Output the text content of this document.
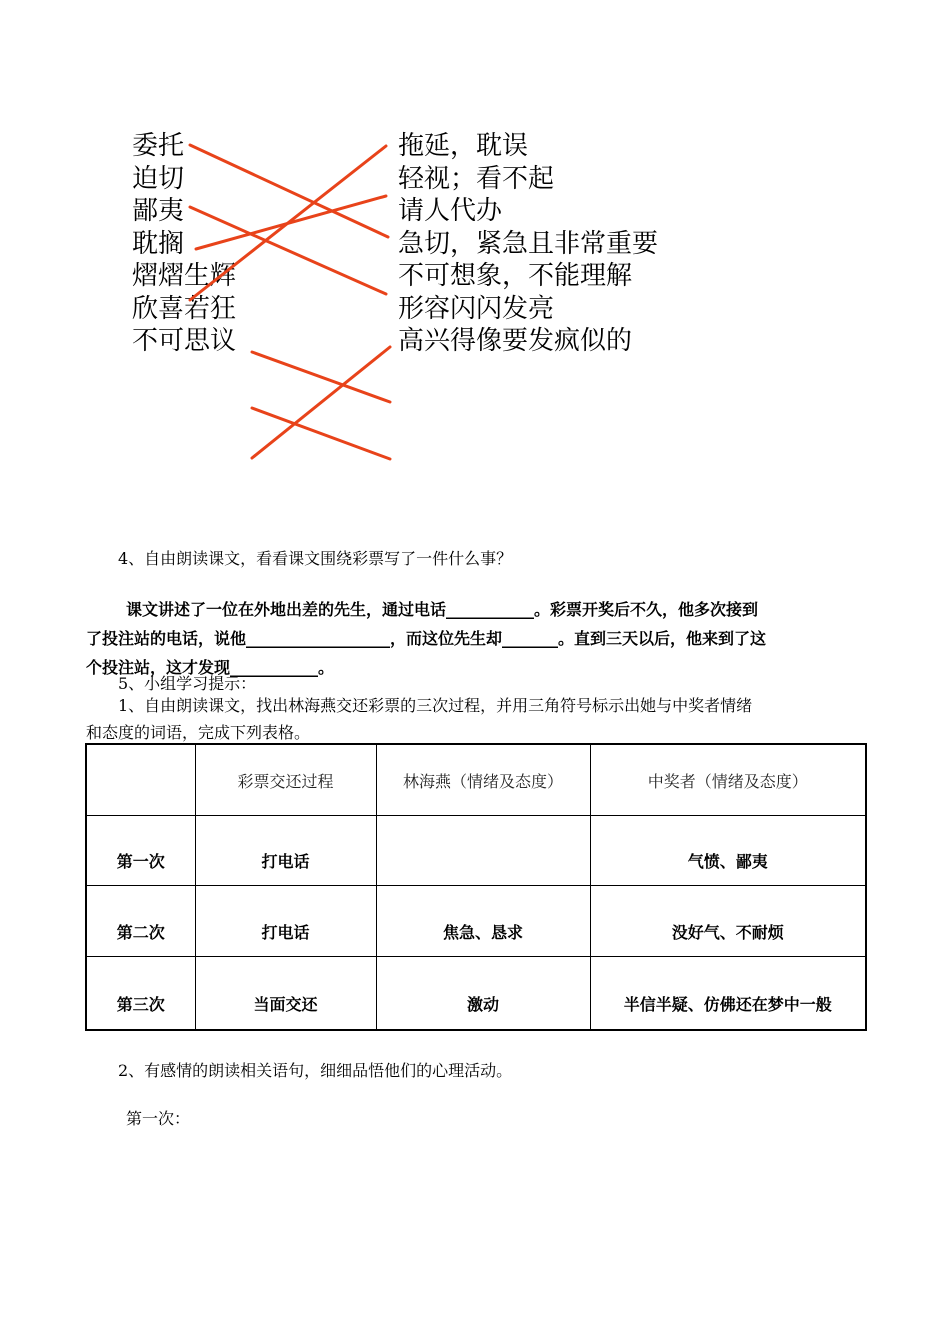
委托
迫切
鄙夷
耽搁
熠熠生辉
欣喜若狂
不可思议
拖延，耽误
轻视；看不起
请人代办
急切，紧急且非常重要
不可想象，不能理解
形容闪闪发亮
高兴得像要发疯似的
4、自由朗读课文，看看课文围绕彩票写了一件什么事？
课文讲述了一位在外地出差的先生，通过电话___________。彩票开奖后不久，他多次接到
了投注站的电话，说他__________________，而这位先生却_______。直到三天以后，他来到了这
个投注站，这才发现___________。
5、小组学习提示：
1、自由朗读课文，找出林海燕交还彩票的三次过程，并用三角符号标示出她与中奖者情绪
和态度的词语，完成下列表格。
	彩票交还过程	林海燕（情绪及态度）	中奖者（情绪及态度）

第一次	打电话		气愤、鄙夷

第二次	打电话	焦急、恳求	没好气、不耐烦

第三次	当面交还	激动	半信半疑、仿佛还在梦中一般
2、有感情的朗读相关语句，细细品悟他们的心理活动。
第一次：
